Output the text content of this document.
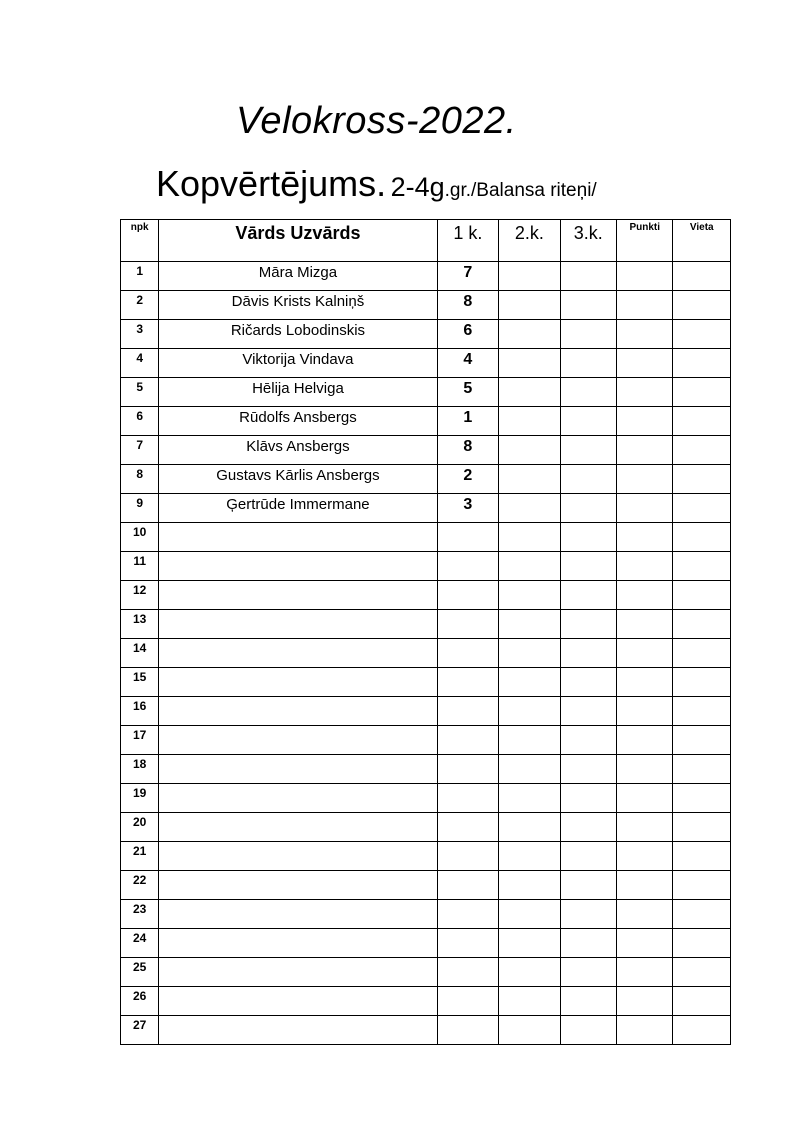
Velokross-2022.
Kopvērtējums. 2-4g.gr./Balansa riteņi/
npk	Vārds Uzvārds	1 k.	2.k.	3.k.	Punkti	Vieta
1	Māra Mizga	7				
2	Dāvis Krists Kalniņš	8				
3	Ričards Lobodinskis	6				
4	Viktorija Vindava	4				
5	Hēlija Helviga	5				
6	Rūdolfs Ansbergs	1				
7	Klāvs Ansbergs	8				
8	Gustavs Kārlis Ansbergs	2				
9	Ģertrūde Immermane	3				
10						
11						
12						
13						
14						
15						
16						
17						
18						
19						
20						
21						
22						
23						
24						
25						
26						
27						
